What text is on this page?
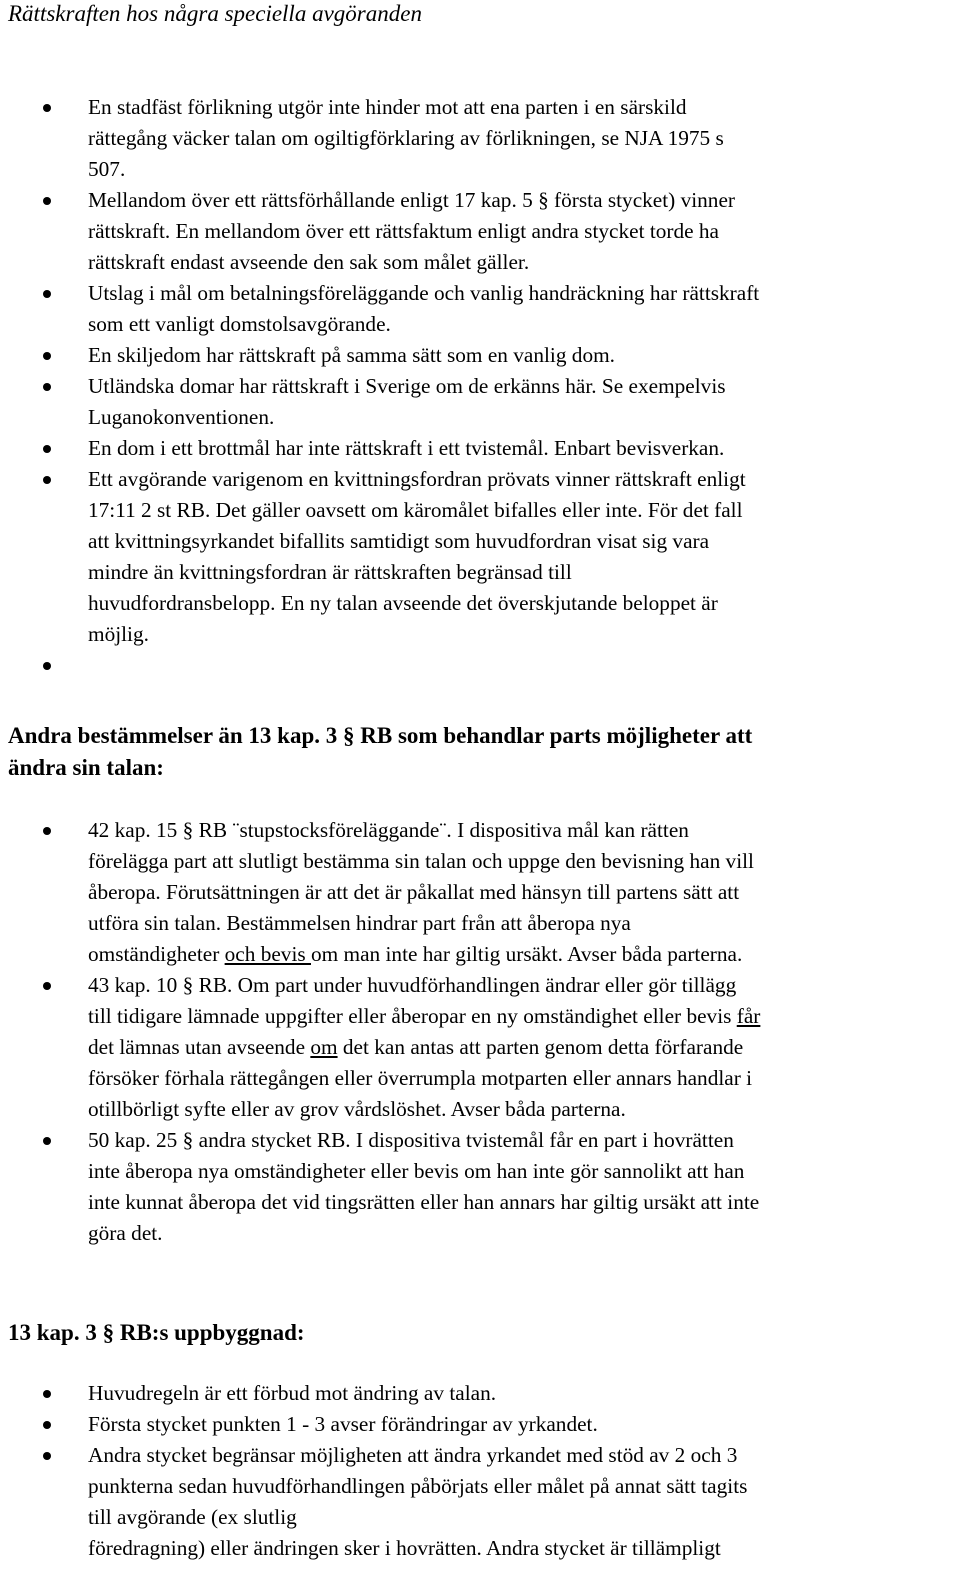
Rättskraften hos några speciella avgöranden
En stadfäst förlikning utgör inte hinder mot att ena parten i en särskild
rättegång väcker talan om ogiltigförklaring av förlikningen, se NJA 1975 s
507.
Mellandom över ett rättsförhållande enligt 17 kap. 5 § första stycket) vinner
rättskraft. En mellandom över ett rättsfaktum enligt andra stycket torde ha
rättskraft endast avseende den sak som målet gäller.
Utslag i mål om betalningsföreläggande och vanlig handräckning har rättskraft
som ett vanligt domstolsavgörande.
En skiljedom har rättskraft på samma sätt som en vanlig dom.
Utländska domar har rättskraft i Sverige om de erkänns här. Se exempelvis
Luganokonventionen.
En dom i ett brottmål har inte rättskraft i ett tvistemål. Enbart bevisverkan.
Ett avgörande varigenom en kvittningsfordran prövats vinner rättskraft enligt
17:11 2 st RB. Det gäller oavsett om käromålet bifalles eller inte. För det fall
att kvittningsyrkandet bifallits samtidigt som huvudfordran visat sig vara
mindre än kvittningsfordran är rättskraften begränsad till
huvudfordransbelopp. En ny talan avseende det överskjutande beloppet är
möjlig.
Andra bestämmelser än 13 kap. 3 § RB som behandlar parts möjligheter att
ändra sin talan:
42 kap. 15 § RB ¨stupstocksföreläggande¨. I dispositiva mål kan rätten
förelägga part att slutligt bestämma sin talan och uppge den bevisning han vill
åberopa. Förutsättningen är att det är påkallat med hänsyn till partens sätt att
utföra sin talan. Bestämmelsen hindrar part från att åberopa nya
omständigheter och bevis om man inte har giltig ursäkt. Avser båda parterna.
43 kap. 10 § RB. Om part under huvudförhandlingen ändrar eller gör tillägg
till tidigare lämnade uppgifter eller åberopar en ny omständighet eller bevis får
det lämnas utan avseende om det kan antas att parten genom detta förfarande
försöker förhala rättegången eller överrumpla motparten eller annars handlar i
otillbörligt syfte eller av grov vårdslöshet. Avser båda parterna.
50 kap. 25 § andra stycket RB. I dispositiva tvistemål får en part i hovrätten
inte åberopa nya omständigheter eller bevis om han inte gör sannolikt att han
inte kunnat åberopa det vid tingsrätten eller han annars har giltig ursäkt att inte
göra det.
13 kap. 3 § RB:s uppbyggnad:
Huvudregeln är ett förbud mot ändring av talan.
Första stycket punkten 1 - 3 avser förändringar av yrkandet.
Andra stycket begränsar möjligheten att ändra yrkandet med stöd av 2 och 3
punkterna sedan huvudförhandlingen påbörjats eller målet på annat sätt tagits
till avgörande (ex slutlig
föredragning) eller ändringen sker i hovrätten. Andra stycket är tillämpligt
